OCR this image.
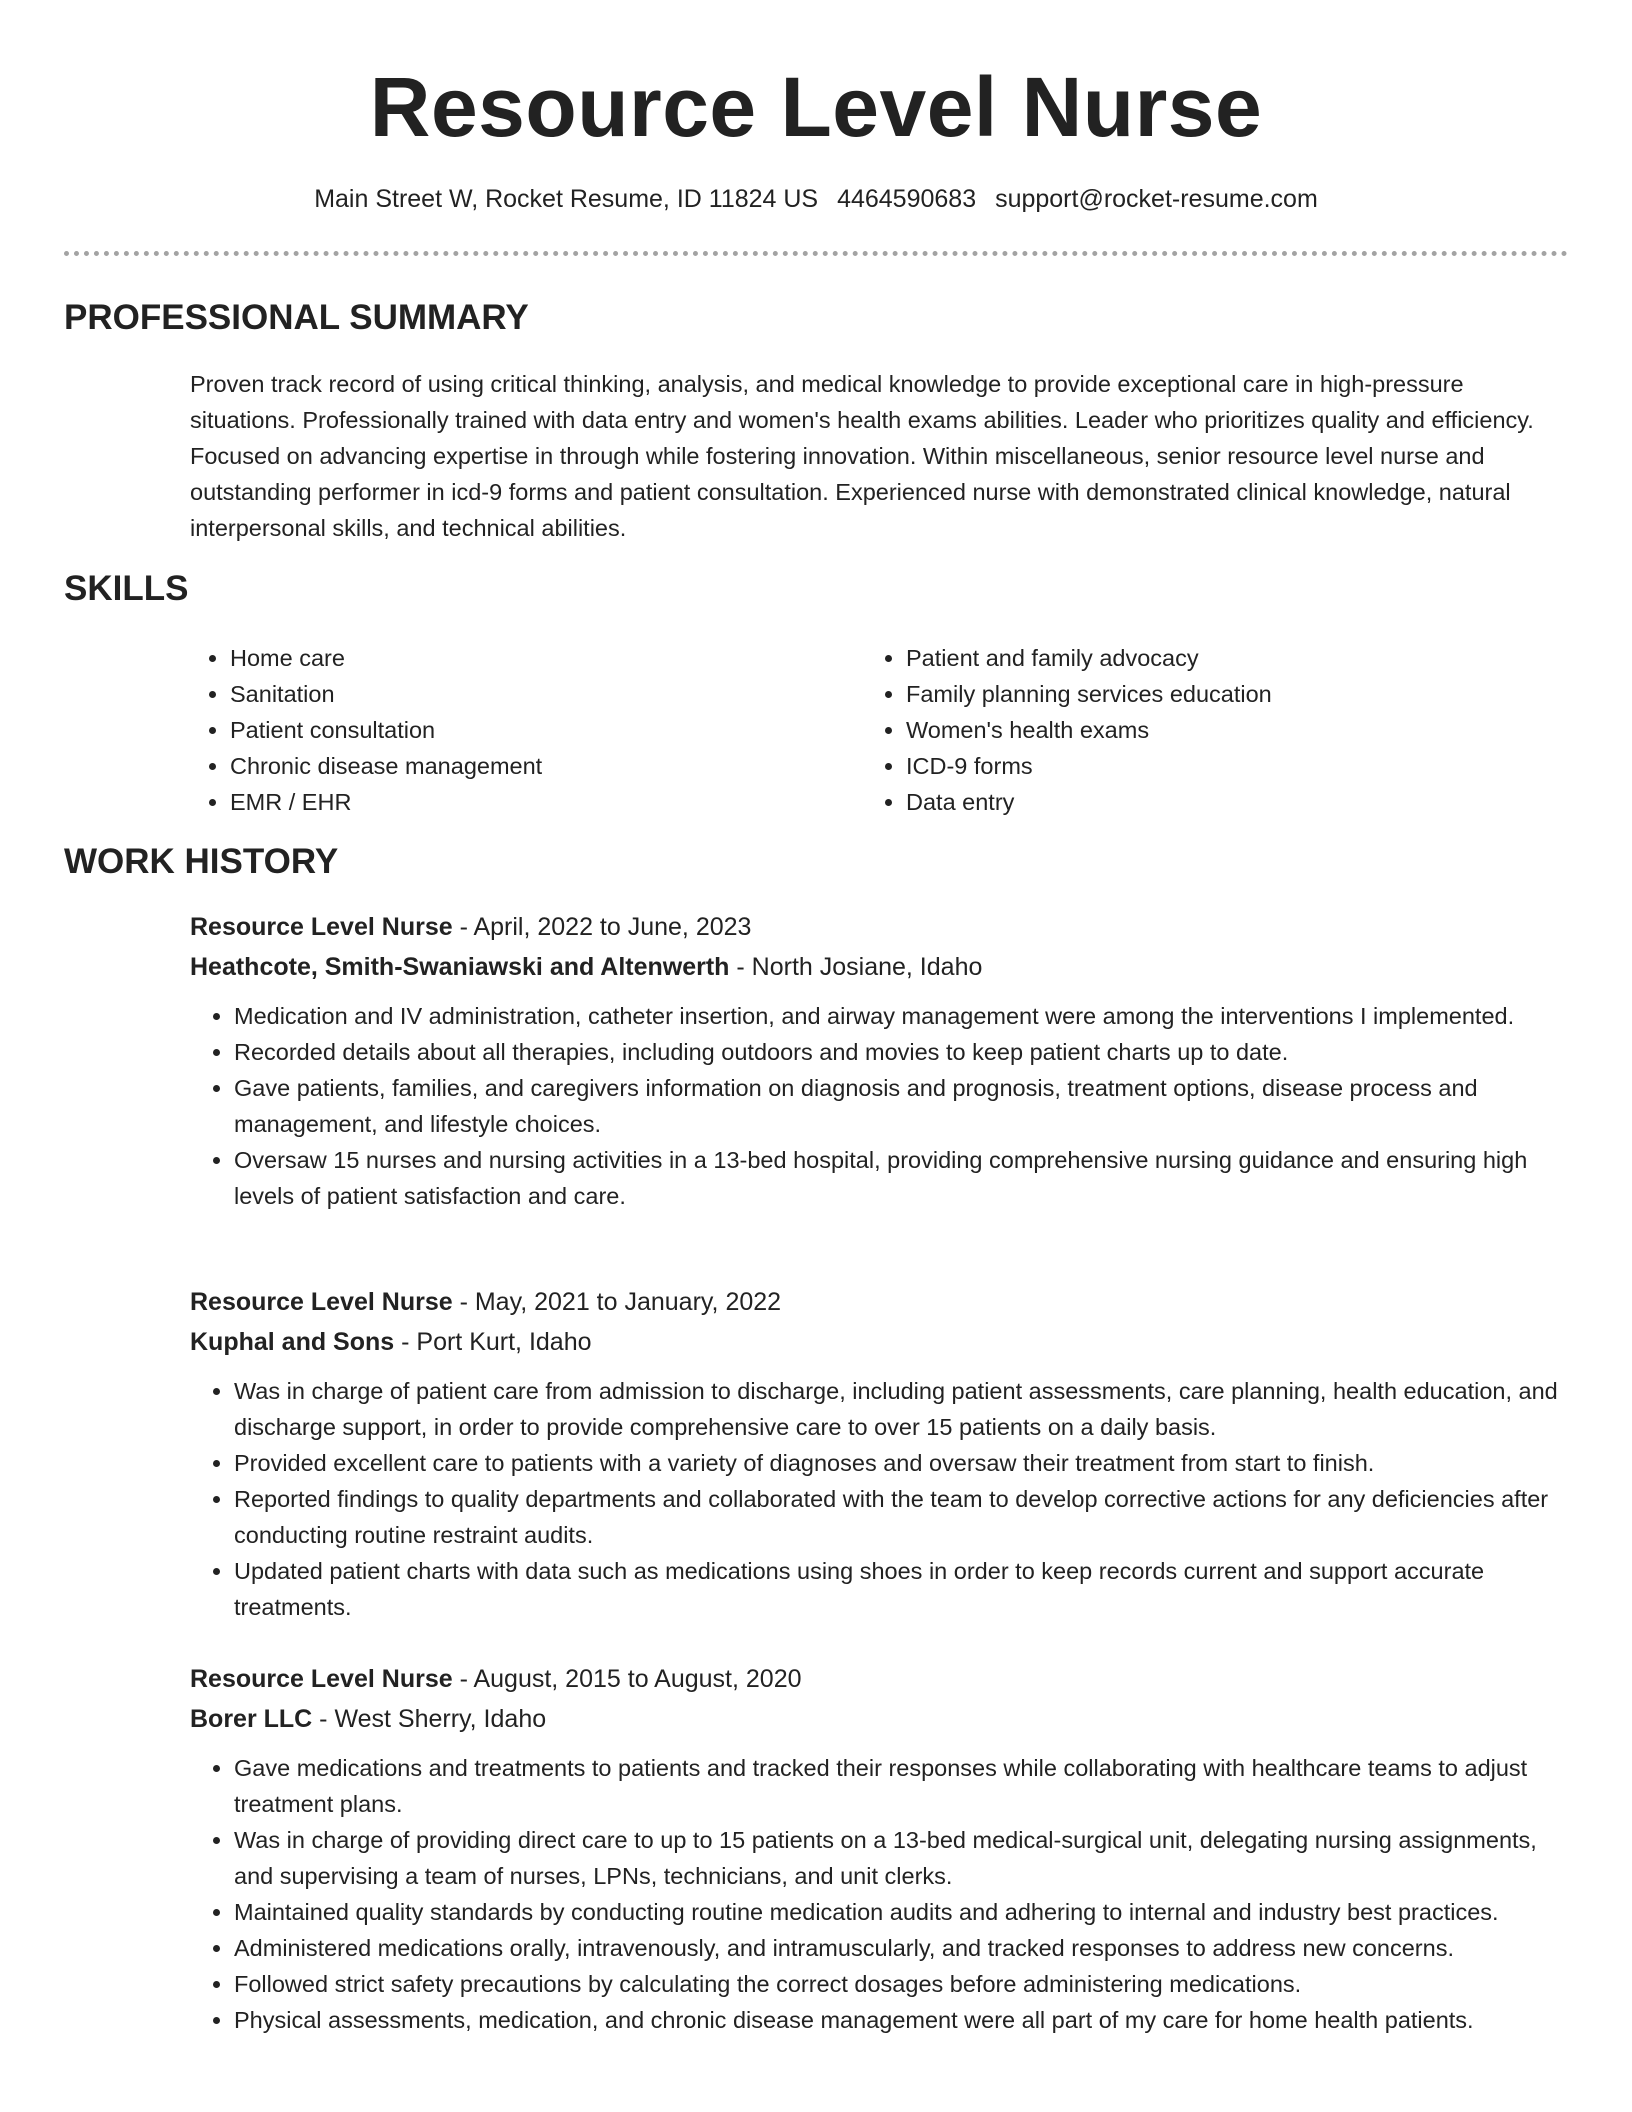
Resource Level Nurse
Main Street W, Rocket Resume, ID 11824 US 4464590683 support@rocket-resume.com
PROFESSIONAL SUMMARY

Proven track record of using critical thinking, analysis, and medical knowledge to provide exceptional care in high-pressure situations. Professionally trained with data entry and women's health exams abilities. Leader who prioritizes quality and efficiency. Focused on advancing expertise in through while fostering innovation. Within miscellaneous, senior resource level nurse and outstanding performer in icd-9 forms and patient consultation. Experienced nurse with demonstrated clinical knowledge, natural interpersonal skills, and technical abilities.

SKILLS
• Home care
• Sanitation
• Patient consultation
• Chronic disease management
• EMR / EHR
• Patient and family advocacy
• Family planning services education
• Women's health exams
• ICD-9 forms
• Data entry
WORK HISTORY
Resource Level Nurse - April, 2022 to June, 2023
Heathcote, Smith-Swaniawski and Altenwerth - North Josiane, Idaho
• Medication and IV administration, catheter insertion, and airway management were among the interventions I implemented.
• Recorded details about all therapies, including outdoors and movies to keep patient charts up to date.
• Gave patients, families, and caregivers information on diagnosis and prognosis, treatment options, disease process and management, and lifestyle choices.
• Oversaw 15 nurses and nursing activities in a 13-bed hospital, providing comprehensive nursing guidance and ensuring high levels of patient satisfaction and care.
Resource Level Nurse - May, 2021 to January, 2022
Kuphal and Sons - Port Kurt, Idaho
• Was in charge of patient care from admission to discharge, including patient assessments, care planning, health education, and discharge support, in order to provide comprehensive care to over 15 patients on a daily basis.
• Provided excellent care to patients with a variety of diagnoses and oversaw their treatment from start to finish.
• Reported findings to quality departments and collaborated with the team to develop corrective actions for any deficiencies after conducting routine restraint audits.
• Updated patient charts with data such as medications using shoes in order to keep records current and support accurate treatments.
Resource Level Nurse - August, 2015 to August, 2020
Borer LLC - West Sherry, Idaho
• Gave medications and treatments to patients and tracked their responses while collaborating with healthcare teams to adjust treatment plans.
• Was in charge of providing direct care to up to 15 patients on a 13-bed medical-surgical unit, delegating nursing assignments, and supervising a team of nurses, LPNs, technicians, and unit clerks.
• Maintained quality standards by conducting routine medication audits and adhering to internal and industry best practices.
• Administered medications orally, intravenously, and intramuscularly, and tracked responses to address new concerns.
• Followed strict safety precautions by calculating the correct dosages before administering medications.
• Physical assessments, medication, and chronic disease management were all part of my care for home health patients.
